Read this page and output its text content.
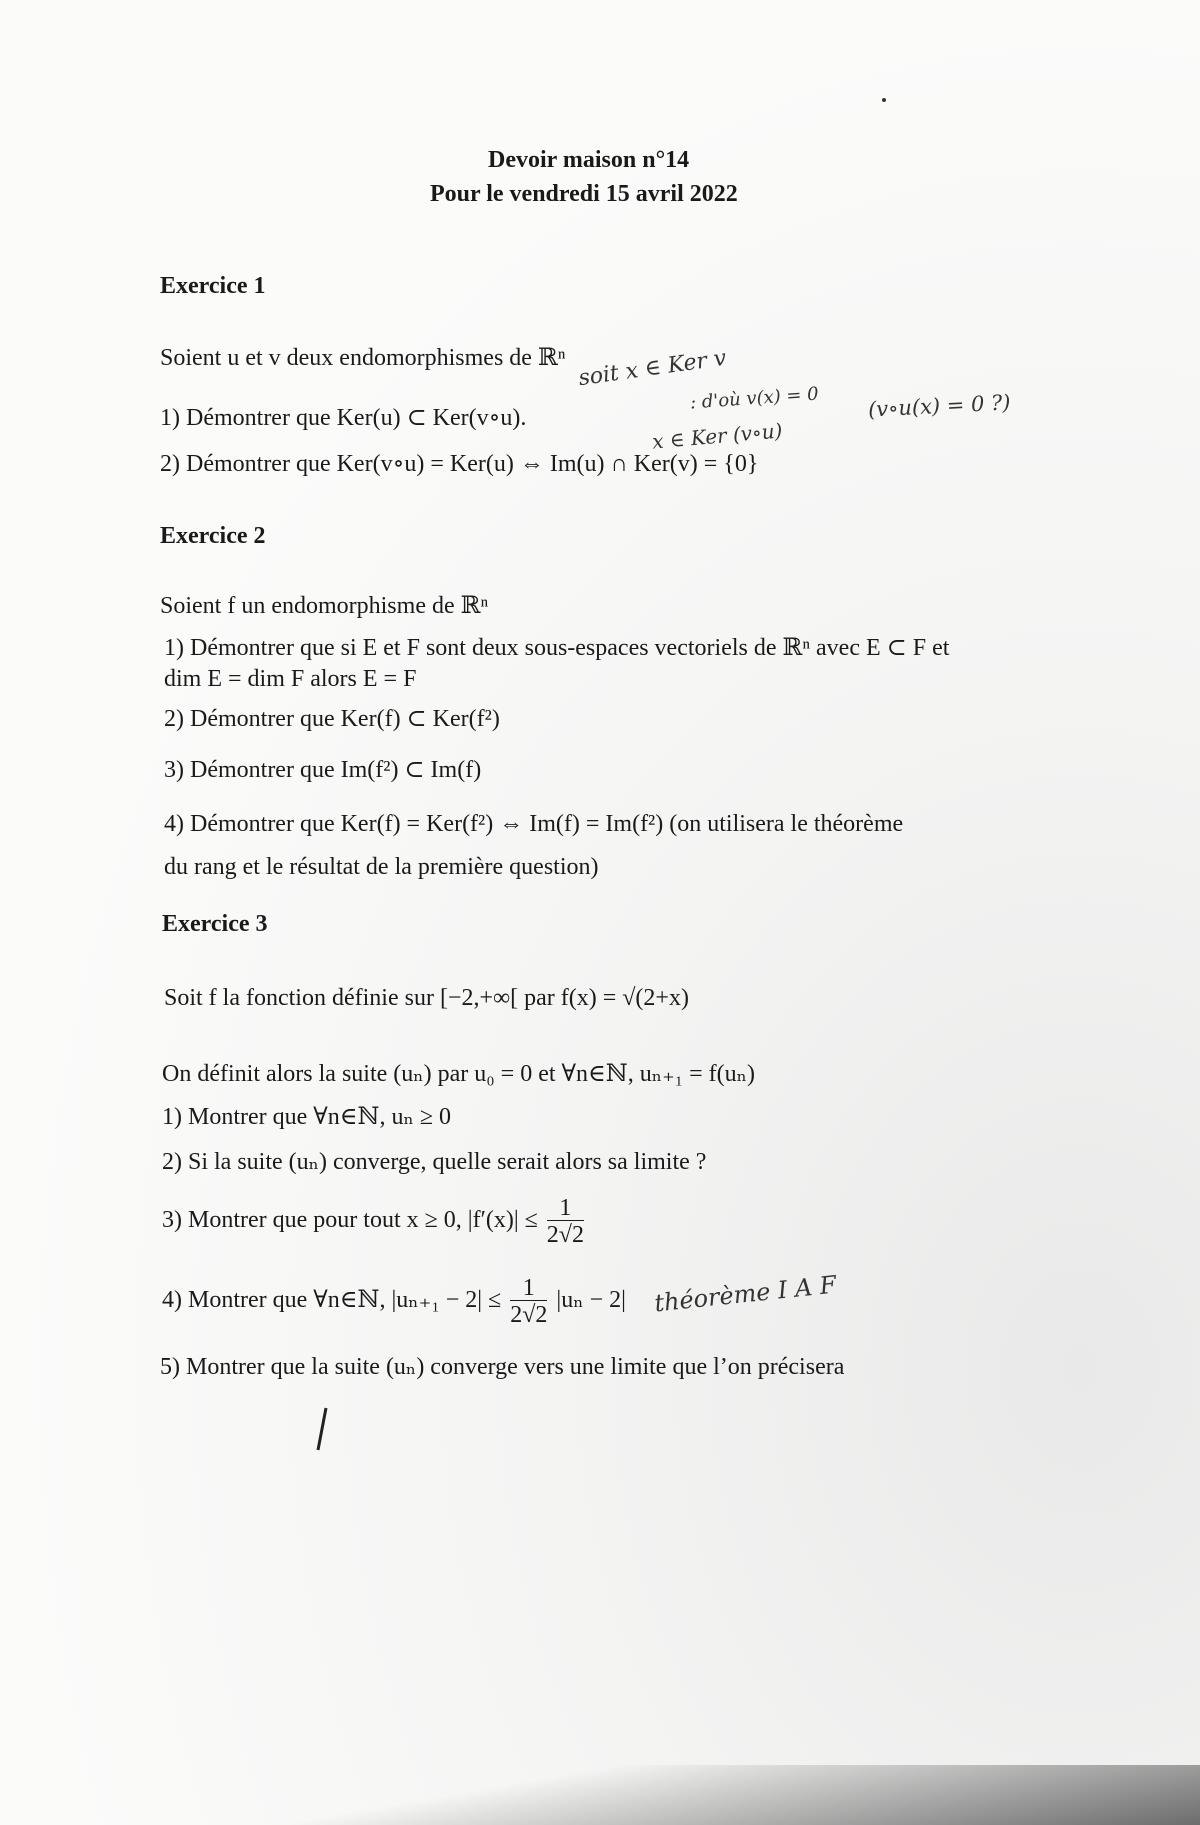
Devoir maison n°14
Pour le vendredi 15 avril 2022
Exercice 1
Soient u et v deux endomorphismes de ℝⁿ
1) Démontrer que Ker(u) ⊂ Ker(v∘u).
2) Démontrer que Ker(v∘u) = Ker(u) ⇔ Im(u) ∩ Ker(v) = {0}
Exercice 2
Soient f un endomorphisme de ℝⁿ
1) Démontrer que si E et F sont deux sous-espaces vectoriels de ℝⁿ avec E ⊂ F et
dim E = dim F alors E = F
2) Démontrer que Ker(f) ⊂ Ker(f²)
3) Démontrer que Im(f²) ⊂ Im(f)
4) Démontrer que Ker(f) = Ker(f²) ⇔ Im(f) = Im(f²) (on utilisera le théorème
du rang et le résultat de la première question)
Exercice 3
Soit f la fonction définie sur [−2,+∞[ par f(x) = √(2+x)
On définit alors la suite (uₙ) par u₀ = 0 et ∀n∈ℕ, uₙ₊₁ = f(uₙ)
1) Montrer que ∀n∈ℕ, uₙ ≥ 0
2) Si la suite (uₙ) converge, quelle serait alors sa limite ?
3) Montrer que pour tout x ≥ 0, $|f'(x)| \le \frac{1}{2√2}$
4) Montrer que ∀n∈ℕ, $|u_{n+1} - 2| \le \frac{1}{2√2} |u_n - 2|$
5) Montrer que la suite (uₙ) converge vers une limite que l’on précisera
soit x ∈ Ker v
: d'où v(x) = 0
x ∈ Ker (v∘u)
(v∘u(x) = 0 ?)
théorème I A F
